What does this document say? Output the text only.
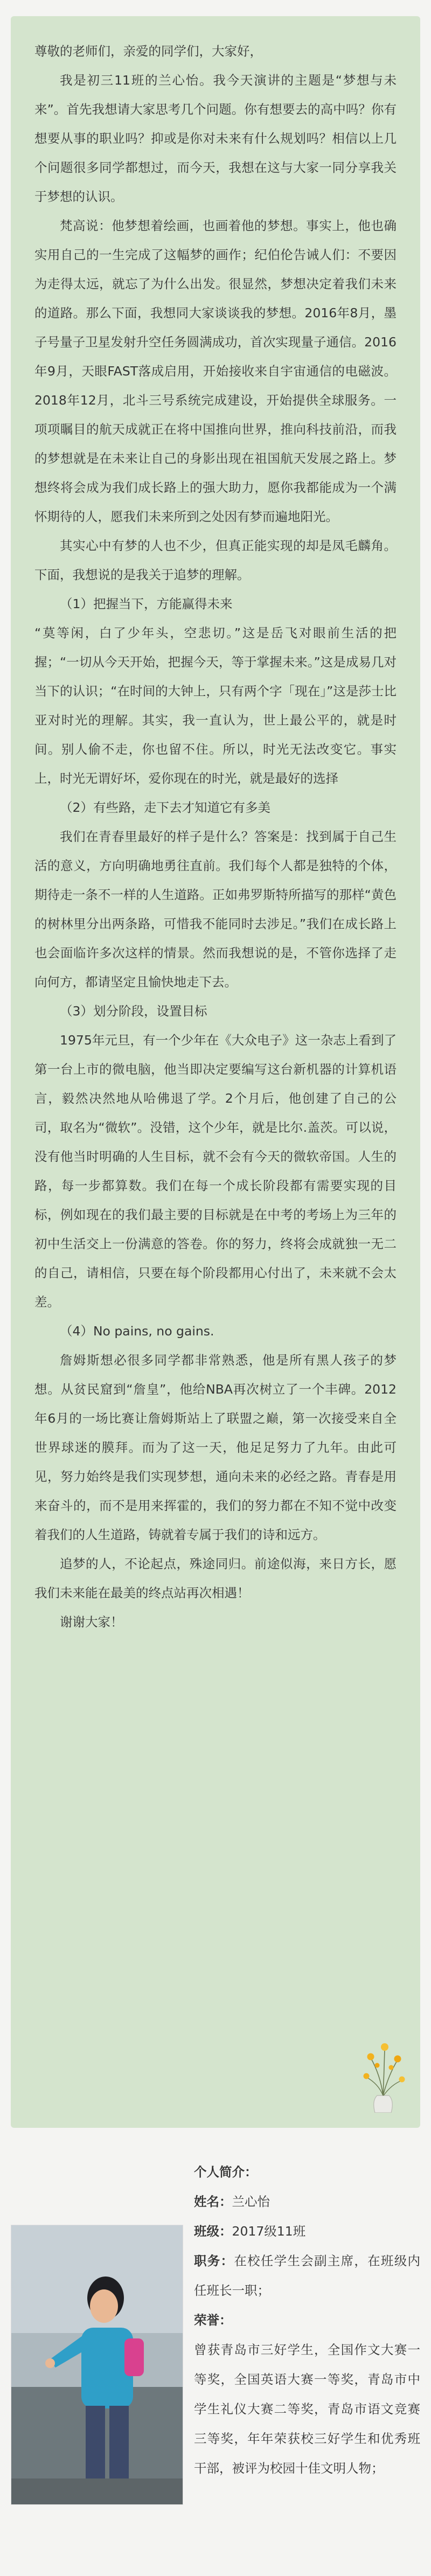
尊敬的老师们，亲爱的同学们，大家好，

我是初三11班的兰心怡。我今天演讲的主题是“梦想与未来”。首先我想请大家思考几个问题。你有想要去的高中吗？你有想要从事的职业吗？抑或是你对未来有什么规划吗？相信以上几个问题很多同学都想过，而今天，我想在这与大家一同分享我关于梦想的认识。

梵高说：他梦想着绘画，也画着他的梦想。事实上，他也确实用自己的一生完成了这幅梦的画作；纪伯伦告诫人们：不要因为走得太远，就忘了为什么出发。很显然，梦想决定着我们未来的道路。那么下面，我想同大家谈谈我的梦想。2016年8月，墨子号量子卫星发射升空任务圆满成功，首次实现量子通信。2016年9月，天眼FAST落成启用，开始接收来自宇宙通信的电磁波。2018年12月，北斗三号系统完成建设，开始提供全球服务。一项项瞩目的航天成就正在将中国推向世界，推向科技前沿，而我的梦想就是在未来让自己的身影出现在祖国航天发展之路上。梦想终将会成为我们成长路上的强大助力，愿你我都能成为一个满怀期待的人，愿我们未来所到之处因有梦而遍地阳光。

其实心中有梦的人也不少，但真正能实现的却是凤毛麟角。下面，我想说的是我关于追梦的理解。

（1）把握当下，方能赢得未来

“莫等闲，白了少年头，空悲切。”这是岳飞对眼前生活的把握；“一切从今天开始，把握今天，等于掌握未来。”这是成易几对当下的认识；“在时间的大钟上，只有两个字「现在」”这是莎士比亚对时光的理解。其实，我一直认为，世上最公平的，就是时间。别人偷不走，你也留不住。所以，时光无法改变它。事实上，时光无谓好坏，爱你现在的时光，就是最好的选择

（2）有些路，走下去才知道它有多美

我们在青春里最好的样子是什么？答案是：找到属于自己生活的意义，方向明确地勇往直前。我们每个人都是独特的个体，期待走一条不一样的人生道路。正如弗罗斯特所描写的那样“黄色的树林里分出两条路，可惜我不能同时去涉足。”我们在成长路上也会面临许多次这样的情景。然而我想说的是，不管你选择了走向何方，都请坚定且愉快地走下去。

（3）划分阶段，设置目标

1975年元旦，有一个少年在《大众电子》这一杂志上看到了第一台上市的微电脑，他当即决定要编写这台新机器的计算机语言，毅然决然地从哈佛退了学。2个月后，他创建了自己的公司，取名为“微软”。没错，这个少年，就是比尔.盖茨。可以说，没有他当时明确的人生目标，就不会有今天的微软帝国。人生的路，每一步都算数。我们在每一个成长阶段都有需要实现的目标，例如现在的我们最主要的目标就是在中考的考场上为三年的初中生活交上一份满意的答卷。你的努力，终将会成就独一无二的自己，请相信，只要在每个阶段都用心付出了，未来就不会太差。

（4）No pains, no gains.

詹姆斯想必很多同学都非常熟悉，他是所有黑人孩子的梦想。从贫民窟到“詹皇”，他给NBA再次树立了一个丰碑。2012年6月的一场比赛让詹姆斯站上了联盟之巅，第一次接受来自全世界球迷的膜拜。而为了这一天，他足足努力了九年。由此可见，努力始终是我们实现梦想，通向未来的必经之路。青春是用来奋斗的，而不是用来挥霍的，我们的努力都在不知不觉中改变着我们的人生道路，铸就着专属于我们的诗和远方。

追梦的人，不论起点，殊途同归。前途似海，来日方长，愿我们未来能在最美的终点站再次相遇！

谢谢大家！

个人简介：
姓名：兰心怡
班级：2017级11班
职务：在校任学生会副主席，在班级内任班长一职；
荣誉：
曾获青岛市三好学生，全国作文大赛一等奖，全国英语大赛一等奖，青岛市中学生礼仪大赛二等奖，青岛市语文竞赛三等奖，年年荣获校三好学生和优秀班干部，被评为校园十佳文明人物；
